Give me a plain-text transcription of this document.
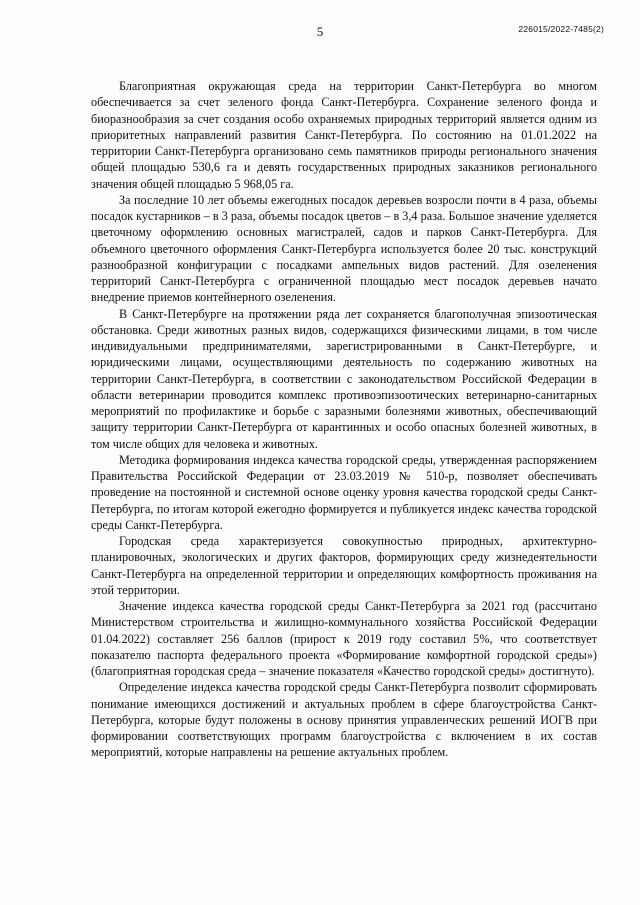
5	226015/2022-7485(2)

Благоприятная окружающая среда на территории Санкт-Петербурга во многом обеспечивается за счет зеленого фонда Санкт-Петербурга. Сохранение зеленого фонда и биоразнообразия за счет создания особо охраняемых природных территорий является одним из приоритетных направлений развития Санкт-Петербурга. По состоянию на 01.01.2022 на территории Санкт-Петербурга организовано семь памятников природы регионального значения общей площадью 530,6 га и девять государственных природных заказников регионального значения общей площадью 5 968,05 га.

За последние 10 лет объемы ежегодных посадок деревьев возросли почти в 4 раза, объемы посадок кустарников – в 3 раза, объемы посадок цветов – в 3,4 раза. Большое значение уделяется цветочному оформлению основных магистралей, садов и парков Санкт-Петербурга. Для объемного цветочного оформления Санкт-Петербурга используется более 20 тыс. конструкций разнообразной конфигурации с посадками ампельных видов растений. Для озеленения территорий Санкт-Петербурга с ограниченной площадью мест посадок деревьев начато внедрение приемов контейнерного озеленения.

В Санкт-Петербурге на протяжении ряда лет сохраняется благополучная эпизоотическая обстановка. Среди животных разных видов, содержащихся физическими лицами, в том числе индивидуальными предпринимателями, зарегистрированными в Санкт-Петербурге, и юридическими лицами, осуществляющими деятельность по содержанию животных на территории Санкт-Петербурга, в соответствии с законодательством Российской Федерации в области ветеринарии проводится комплекс противоэпизоотических ветеринарно-санитарных мероприятий по профилактике и борьбе с заразными болезнями животных, обеспечивающий защиту территории Санкт-Петербурга от карантинных и особо опасных болезней животных, в том числе общих для человека и животных.

Методика формирования индекса качества городской среды, утвержденная распоряжением Правительства Российской Федерации от 23.03.2019 № 510-р, позволяет обеспечивать проведение на постоянной и системной основе оценку уровня качества городской среды Санкт-Петербурга, по итогам которой ежегодно формируется и публикуется индекс качества городской среды Санкт-Петербурга.

Городская среда характеризуется совокупностью природных, архитектурно-планировочных, экологических и других факторов, формирующих среду жизнедеятельности Санкт-Петербурга на определенной территории и определяющих комфортность проживания на этой территории.

Значение индекса качества городской среды Санкт-Петербурга за 2021 год (рассчитано Министерством строительства и жилищно-коммунального хозяйства Российской Федерации 01.04.2022) составляет 256 баллов (прирост к 2019 году составил 5%, что соответствует показателю паспорта федерального проекта «Формирование комфортной городской среды») (благоприятная городская среда – значение показателя «Качество городской среды» достигнуто).

Определение индекса качества городской среды Санкт-Петербурга позволит сформировать понимание имеющихся достижений и актуальных проблем в сфере благоустройства Санкт-Петербурга, которые будут положены в основу принятия управленческих решений ИОГВ при формировании соответствующих программ благоустройства с включением в их состав мероприятий, которые направлены на решение актуальных проблем.
